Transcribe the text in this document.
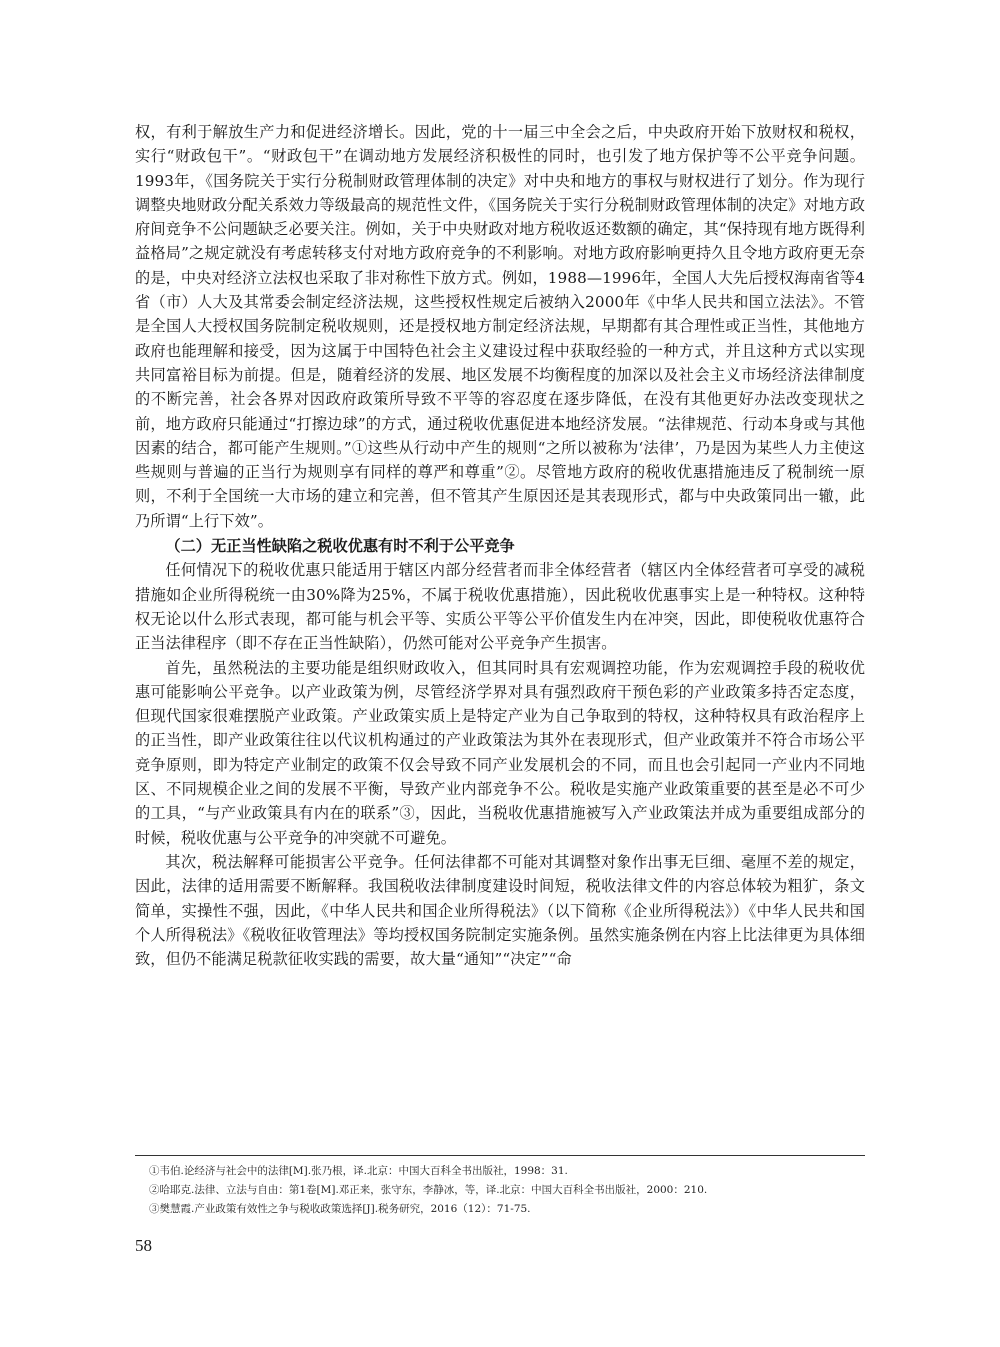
权，有利于解放生产力和促进经济增长。因此，党的十一届三中全会之后，中央政府开始下放财权和税权，实行“财政包干”。“财政包干”在调动地方发展经济积极性的同时，也引发了地方保护等不公平竞争问题。1993年，《国务院关于实行分税制财政管理体制的决定》对中央和地方的事权与财权进行了划分。作为现行调整央地财政分配关系效力等级最高的规范性文件，《国务院关于实行分税制财政管理体制的决定》对地方政府间竞争不公问题缺乏必要关注。例如，关于中央财政对地方税收返还数额的确定，其“保持现有地方既得利益格局”之规定就没有考虑转移支付对地方政府竞争的不利影响。对地方政府影响更持久且令地方政府更无奈的是，中央对经济立法权也采取了非对称性下放方式。例如，1988—1996年，全国人大先后授权海南省等4省（市）人大及其常委会制定经济法规，这些授权性规定后被纳入2000年《中华人民共和国立法法》。不管是全国人大授权国务院制定税收规则，还是授权地方制定经济法规，早期都有其合理性或正当性，其他地方政府也能理解和接受，因为这属于中国特色社会主义建设过程中获取经验的一种方式，并且这种方式以实现共同富裕目标为前提。但是，随着经济的发展、地区发展不均衡程度的加深以及社会主义市场经济法律制度的不断完善，社会各界对因政府政策所导致不平等的容忍度在逐步降低，在没有其他更好办法改变现状之前，地方政府只能通过“打擦边球”的方式，通过税收优惠促进本地经济发展。“法律规范、行动本身或与其他因素的结合，都可能产生规则。”①这些从行动中产生的规则“之所以被称为‘法律’，乃是因为某些人力主使这些规则与普遍的正当行为规则享有同样的尊严和尊重”②。尽管地方政府的税收优惠措施违反了税制统一原则，不利于全国统一大市场的建立和完善，但不管其产生原因还是其表现形式，都与中央政策同出一辙，此乃所谓“上行下效”。

（二）无正当性缺陷之税收优惠有时不利于公平竞争

任何情况下的税收优惠只能适用于辖区内部分经营者而非全体经营者（辖区内全体经营者可享受的减税措施如企业所得税统一由30%降为25%，不属于税收优惠措施），因此税收优惠事实上是一种特权。这种特权无论以什么形式表现，都可能与机会平等、实质公平等公平价值发生内在冲突，因此，即使税收优惠符合正当法律程序（即不存在正当性缺陷），仍然可能对公平竞争产生损害。

首先，虽然税法的主要功能是组织财政收入，但其同时具有宏观调控功能，作为宏观调控手段的税收优惠可能影响公平竞争。以产业政策为例，尽管经济学界对具有强烈政府干预色彩的产业政策多持否定态度，但现代国家很难摆脱产业政策。产业政策实质上是特定产业为自己争取到的特权，这种特权具有政治程序上的正当性，即产业政策往往以代议机构通过的产业政策法为其外在表现形式，但产业政策并不符合市场公平竞争原则，即为特定产业制定的政策不仅会导致不同产业发展机会的不同，而且也会引起同一产业内不同地区、不同规模企业之间的发展不平衡，导致产业内部竞争不公。税收是实施产业政策重要的甚至是必不可少的工具，“与产业政策具有内在的联系”③，因此，当税收优惠措施被写入产业政策法并成为重要组成部分的时候，税收优惠与公平竞争的冲突就不可避免。

其次，税法解释可能损害公平竞争。任何法律都不可能对其调整对象作出事无巨细、毫厘不差的规定，因此，法律的适用需要不断解释。我国税收法律制度建设时间短，税收法律文件的内容总体较为粗犷，条文简单，实操性不强，因此，《中华人民共和国企业所得税法》（以下简称《企业所得税法》）《中华人民共和国个人所得税法》《税收征收管理法》等均授权国务院制定实施条例。虽然实施条例在内容上比法律更为具体细致，但仍不能满足税款征收实践的需要，故大量“通知”“决定”“命

①韦伯.论经济与社会中的法律[M].张乃根，译.北京：中国大百科全书出版社，1998：31.

②哈耶克.法律、立法与自由：第1卷[M].邓正来，张守东，李静冰，等，译.北京：中国大百科全书出版社，2000：210.

③樊慧霞.产业政策有效性之争与税收政策选择[J].税务研究，2016（12）：71-75.

58
